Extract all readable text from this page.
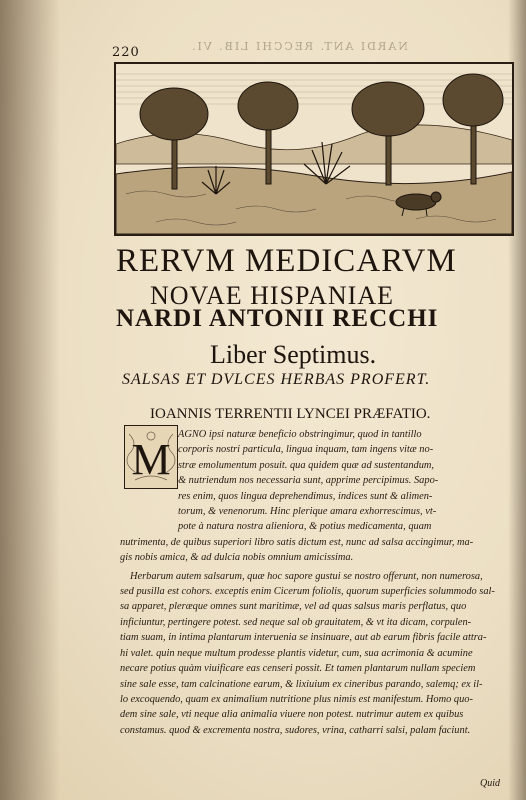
220	NARDI ANT. RECCHI LIB. VI.
RERVM MEDICARVM
NOVAE HISPANIAE
NARDI ANTONII RECCHI
Liber Septimus.
SALSAS ET DVLCES HERBAS PROFERT.
IOANNIS TERRENTII LYNCEI PRÆFATIO.
AGNO ipsi naturæ beneficio obstringimur, quod in tantillo
corporis nostri particula, lingua inquam, tam ingens vitæ no-
stræ emolumentum posuit. qua quidem quæ ad sustentandum,
& nutriendum nos necessaria sunt, apprime percipimus. Sapo-
res enim, quos lingua deprehendimus, indices sunt & alimen-
torum, & venenorum. Hinc plerique amara exhorrescimus, vt-
pote à natura nostra alieniora, & potius medicamenta, quam
nutrimenta, de quibus superiori libro satis dictum est, nunc ad salsa accingimur, ma-
gis nobis amica, & ad dulcia nobis omnium amicissima.
Herbarum autem salsarum, quæ hoc sapore gustui se nostro offerunt, non numerosa,
sed pusilla est cohors. exceptis enim Cicerum foliolis, quorum superficies solummodo sal-
sa apparet, pleræque omnes sunt maritimæ, vel ad quas salsus maris perflatus, quo
inficiuntur, pertingere potest. sed neque sal ob grauitatem, & vt ita dicam, corpulen-
tiam suam, in intima plantarum interuenia se insinuare, aut ab earum fibris facile attra-
hi valet. quin neque multum prodesse plantis videtur, cum, sua acrimonia & acumine
necare potius quàm viuificare eas censeri possit. Et tamen plantarum nullam speciem
sine sale esse, tam calcinatione earum, & lixiuium ex cineribus parando, salemq; ex il-
lo excoquendo, quam ex animalium nutritione plus nimis est manifestum. Homo quo-
dem sine sale, vti neque alia animalia viuere non potest. nutrimur autem ex quibus
constamus. quod & excrementa nostra, sudores, vrina, catharri salsi, palam faciunt.
M
Quid
